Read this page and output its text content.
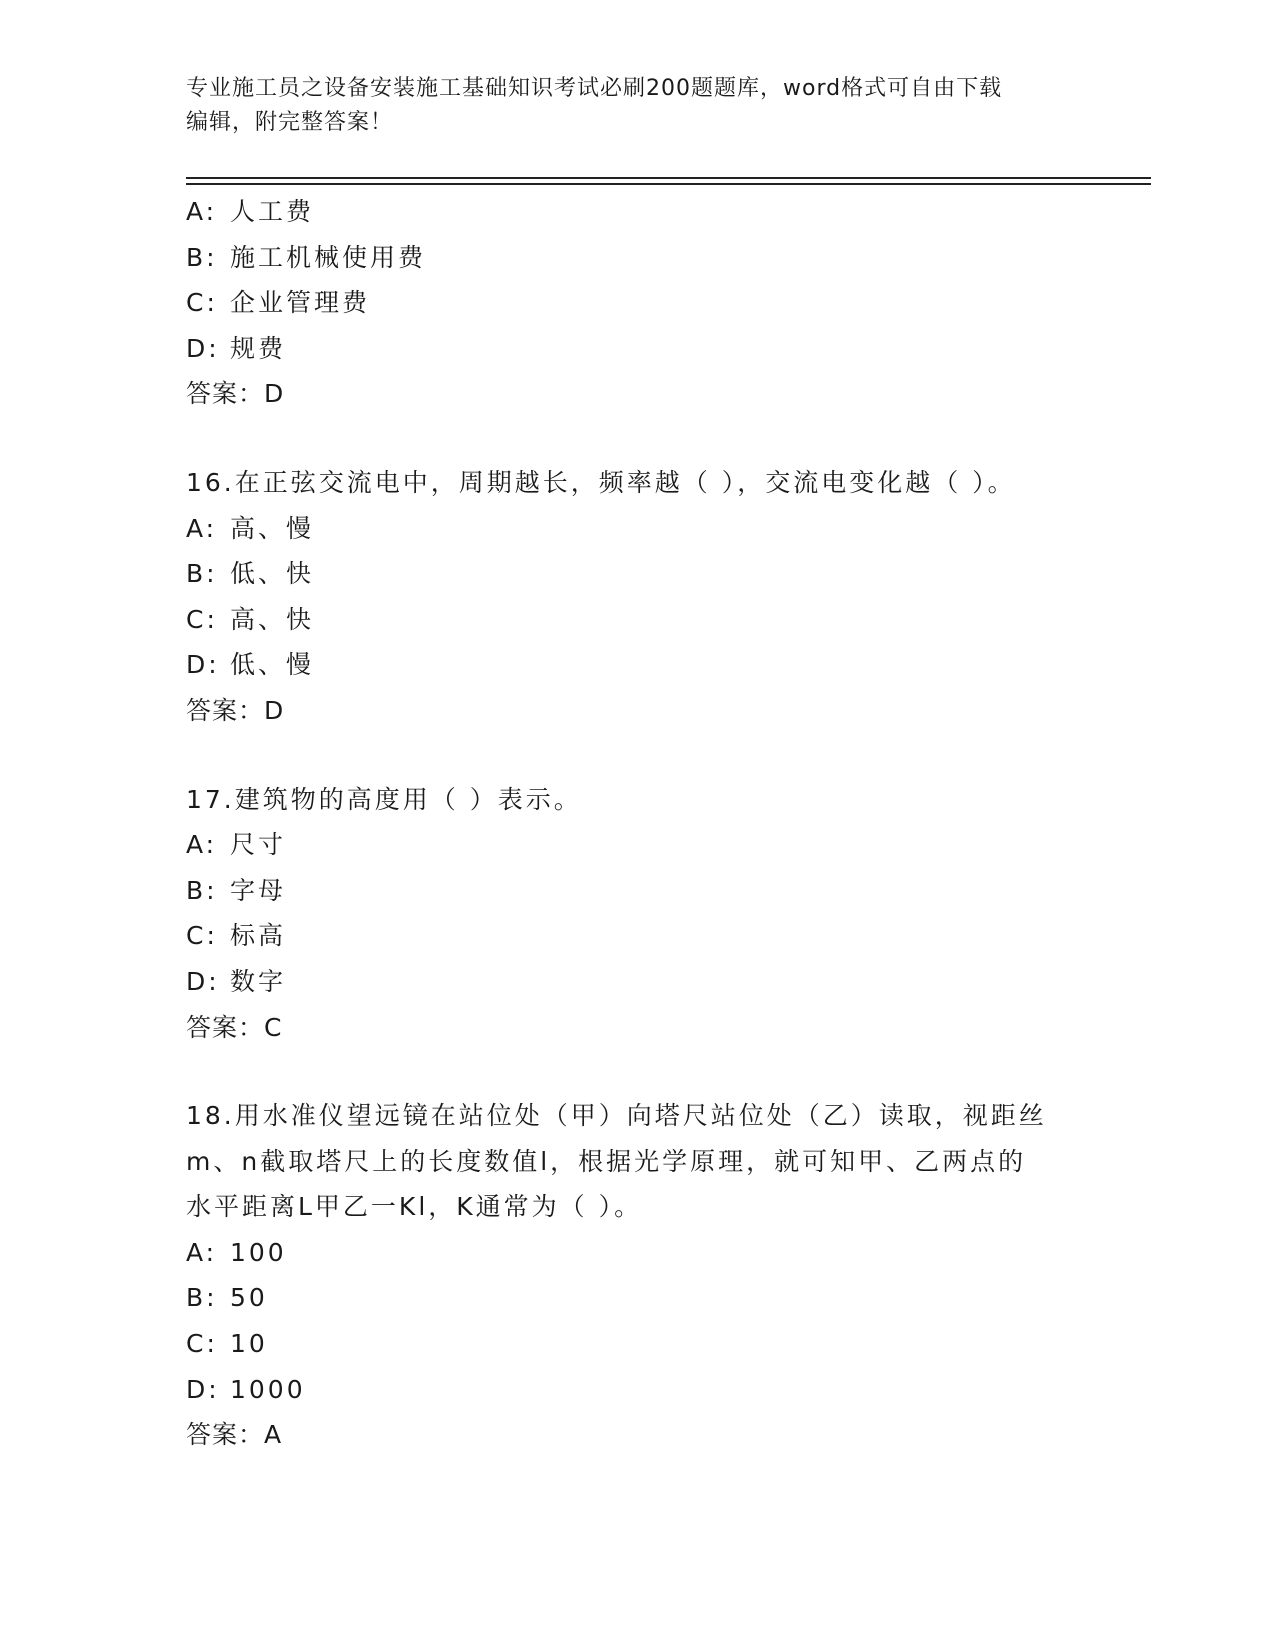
专业施工员之设备安装施工基础知识考试必刷200题题库，word格式可自由下载
编辑，附完整答案！
A: 人工费
B: 施工机械使用费
C: 企业管理费
D: 规费
答案：D
16.在正弦交流电中，周期越长，频率越（ ），交流电变化越（ ）。
A: 高、慢
B: 低、快
C: 高、快
D: 低、慢
答案：D
17.建筑物的高度用（ ）表示。
A: 尺寸
B: 字母
C: 标高
D: 数字
答案：C
18.用水准仪望远镜在站位处（甲）向塔尺站位处（乙）读取，视距丝
m、n截取塔尺上的长度数值l，根据光学原理，就可知甲、乙两点的
水平距离L甲乙一Kl，K通常为（ ）。
A: 100
B: 50
C: 10
D: 1000
答案：A
